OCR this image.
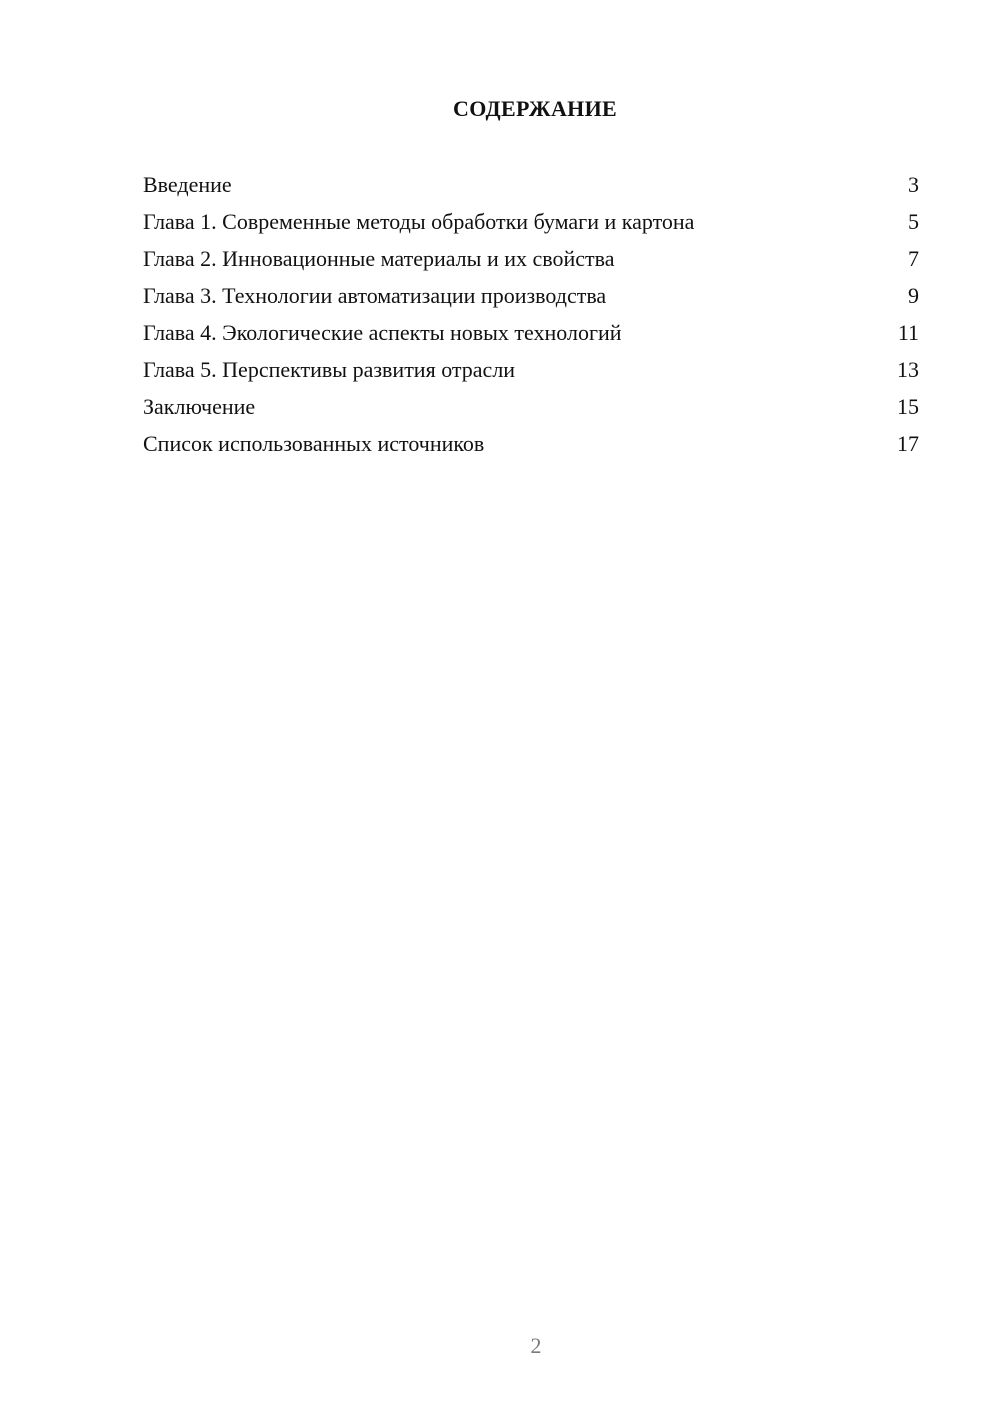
СОДЕРЖАНИЕ
Введение	3
Глава 1. Современные методы обработки бумаги и картона	5
Глава 2. Инновационные материалы и их свойства	7
Глава 3. Технологии автоматизации производства	9
Глава 4. Экологические аспекты новых технологий	11
Глава 5. Перспективы развития отрасли	13
Заключение	15
Список использованных источников	17
2
